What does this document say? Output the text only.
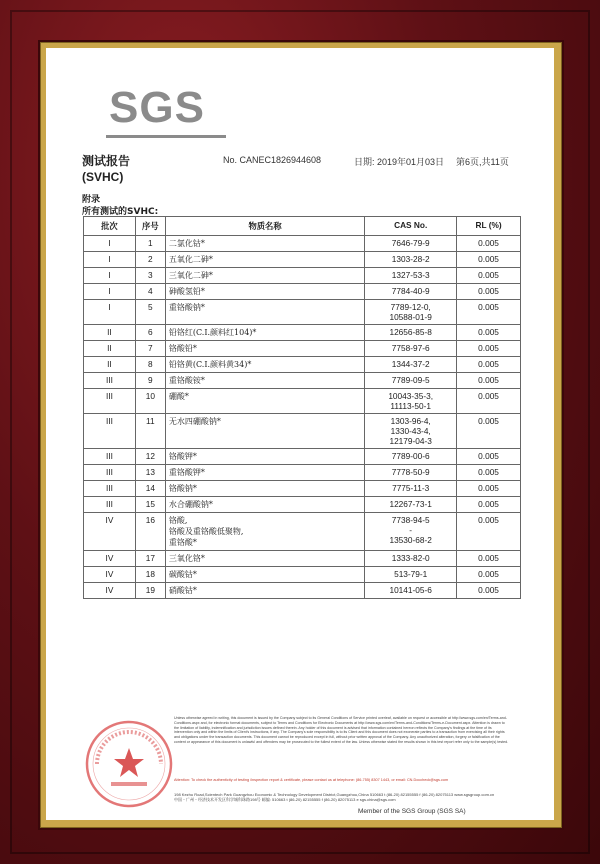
SGS
测试报告
(SVHC)
No. CANEC1826944608	日期: 2019年01月03日 第6页,共11页
附录
所有测试的SVHC:
批次	序号	物质名称	CAS No.	RL (%)
I	1	二氯化钴*	7646-79-9	0.005
I	2	五氧化二砷*	1303-28-2	0.005
I	3	三氧化二砷*	1327-53-3	0.005
I	4	砷酸氢铅*	7784-40-9	0.005
I	5	重铬酸钠*	7789-12-0,
10588-01-9	0.005
II	6	铅铬红(C.I.颜料红104)*	12656-85-8	0.005
II	7	铬酸铅*	7758-97-6	0.005
II	8	铅铬黄(C.I.颜料黄34)*	1344-37-2	0.005
III	9	重铬酸铵*	7789-09-5	0.005
III	10	硼酸*	10043-35-3,
11113-50-1	0.005
III	11	无水四硼酸钠*	1303-96-4,
1330-43-4,
12179-04-3	0.005
III	12	铬酸钾*	7789-00-6	0.005
III	13	重铬酸钾*	7778-50-9	0.005
III	14	铬酸钠*	7775-11-3	0.005
III	15	水合硼酸钠*	12267-73-1	0.005
IV	16	铬酸,
铬酸及重铬酸低聚物,
重铬酸*	7738-94-5
-
13530-68-2	0.005
IV	17	三氧化铬*	1333-82-0	0.005
IV	18	碳酸钴*	513-79-1	0.005
IV	19	硝酸钴*	10141-05-6	0.005
Unless otherwise agreed in writing, this document is issued by the Company subject to its General Conditions of Service printed overleaf, available on request or accessible at http://www.sgs.com/en/Terms-and-Conditions.aspx and, for electronic format documents, subject to Terms and Conditions for Electronic Documents at http://www.sgs.com/en/Terms-and-Conditions/Terms-e-Document.aspx. Attention is drawn to the limitation of liability, indemnification and jurisdiction issues defined therein. Any holder of this document is advised that information contained hereon reflects the Company's findings at the time of its intervention only and within the limits of Client's instructions, if any. The Company's sole responsibility is to its Client and this document does not exonerate parties to a transaction from exercising all their rights and obligations under the transaction documents. This document cannot be reproduced except in full, without prior written approval of the Company. Any unauthorized alteration, forgery or falsification of the content or appearance of this document is unlawful and offenders may be prosecuted to the fullest extent of the law. Unless otherwise stated the results shown in this test report refer only to the sample(s) tested.
Attention: To check the authenticity of testing /inspection report & certificate, please contact us at telephone: (86-755) 8307 1443, or email: CN.Doccheck@sgs.com
198 Kezhu Road,Scientech Park Guangzhou Economic & Technology Development District,Guangzhou,China 510663 t (86-20) 82155555 f (86-20) 82075113 www.sgsgroup.com.cn
中国・广州・经济技术开发区科学城科珠路198号 邮编: 510663 t (86-20) 82155555 f (86-20) 82075113 e sgs.china@sgs.com
Member of the SGS Group (SGS SA)
